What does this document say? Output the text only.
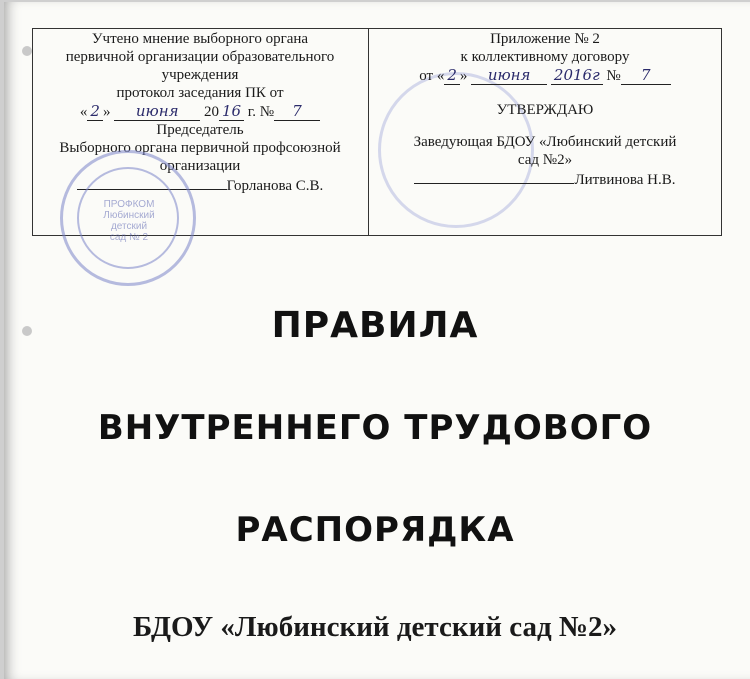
Учтено мнение выборного органа
первичной организации образовательного
учреждения
протокол заседания ПК от
« 2 » июня 20 16 г. № 7
Председатель
Выборного органа первичной профсоюзной
организации
Горланова С.В.
ПРОФКОМ
Любинский
детский
сад № 2
Приложение № 2
к коллективному договору
от « 2 » июня 2016г № 7
УТВЕРЖДАЮ
Заведующая БДОУ «Любинский детский
сад №2»
Литвинова Н.В.
ПРАВИЛА
ВНУТРЕННЕГО ТРУДОВОГО
РАСПОРЯДКА
БДОУ «Любинский детский сад №2»
